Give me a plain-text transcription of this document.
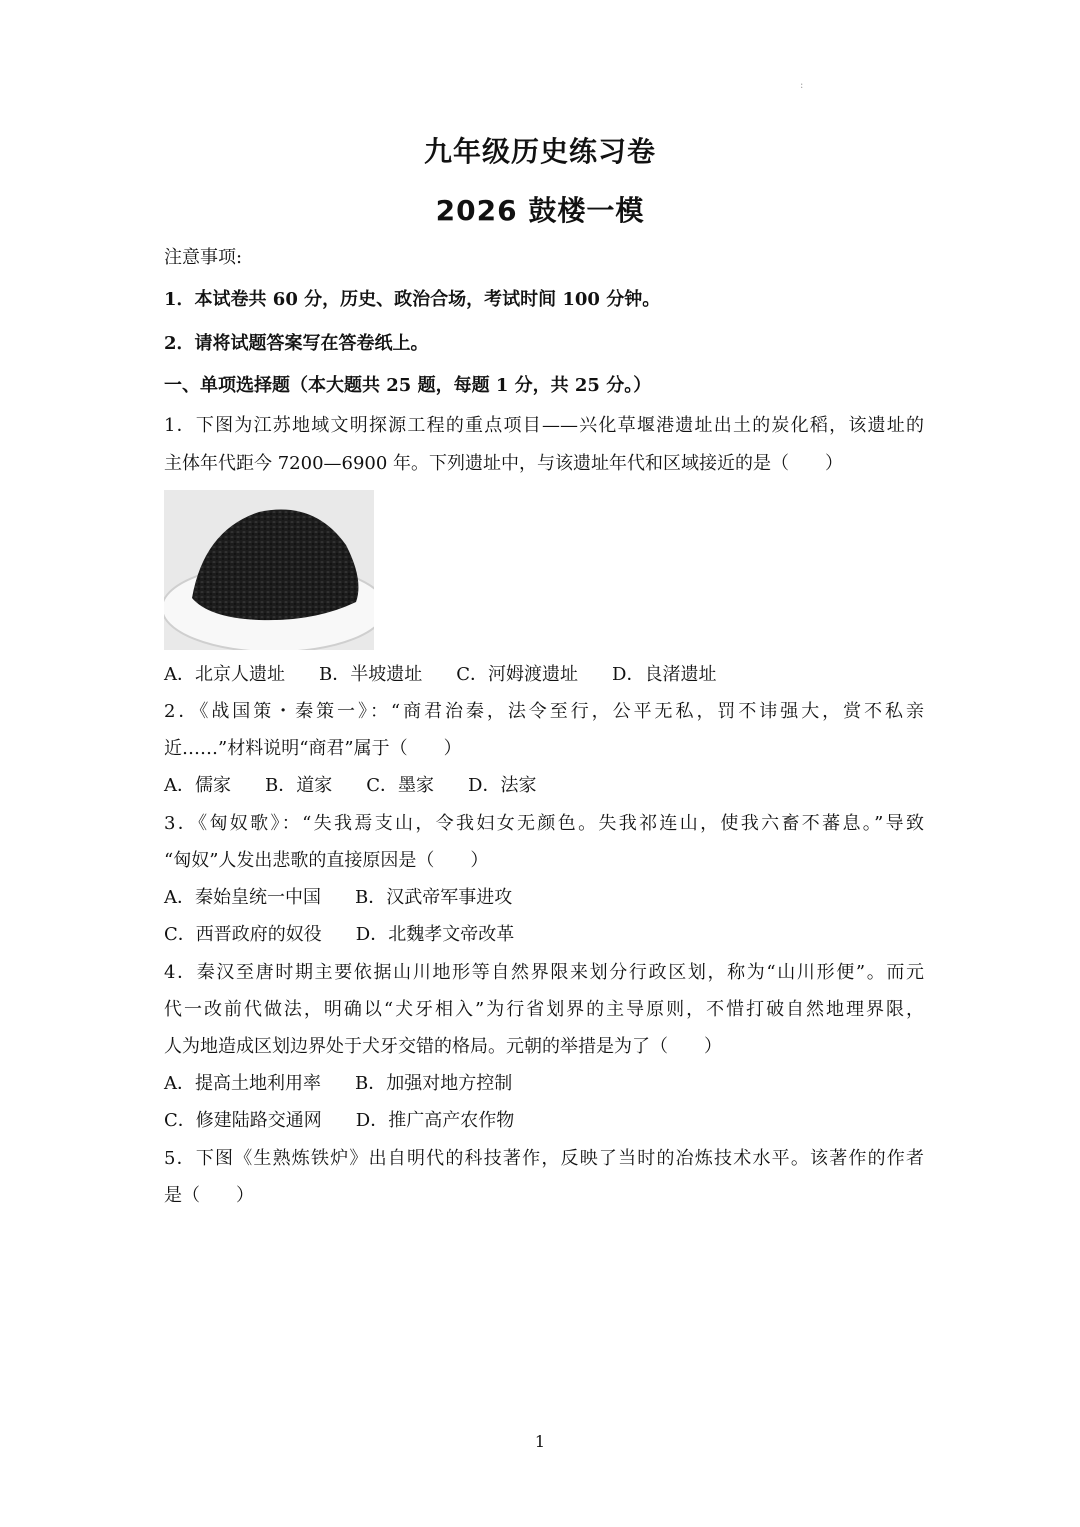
:
九年级历史练习卷
2026 鼓楼一模
注意事项:
1．本试卷共 60 分，历史、政治合场，考试时间 100 分钟。
2．请将试题答案写在答卷纸上。
一、单项选择题（本大题共 25 题，每题 1 分，共 25 分。）
1．下图为江苏地域文明探源工程的重点项目——兴化草堰港遗址出土的炭化稻，该遗址的
主体年代距今 7200—6900 年。下列遗址中，与该遗址年代和区域接近的是（　　）
A．北京人遗址 B．半坡遗址 C．河姆渡遗址 D．良渚遗址
2．《战国策・秦策一》：“商君治秦，法令至行，公平无私，罚不讳强大，赏不私亲
近……”材料说明“商君”属于（　　）
A．儒家 B．道家 C．墨家 D．法家
3．《匈奴歌》：“失我焉支山，令我妇女无颜色。失我祁连山，使我六畜不蕃息。”导致
“匈奴”人发出悲歌的直接原因是（　　）
A．秦始皇统一中国 B．汉武帝军事进攻
C．西晋政府的奴役 D．北魏孝文帝改革
4．秦汉至唐时期主要依据山川地形等自然界限来划分行政区划，称为“山川形便”。而元
代一改前代做法，明确以“犬牙相入”为行省划界的主导原则，不惜打破自然地理界限，
人为地造成区划边界处于犬牙交错的格局。元朝的举措是为了（　　）
A．提高土地利用率 B．加强对地方控制
C．修建陆路交通网 D．推广高产农作物
5．下图《生熟炼铁炉》出自明代的科技著作，反映了当时的冶炼技术水平。该著作的作者
是（　　）
1
